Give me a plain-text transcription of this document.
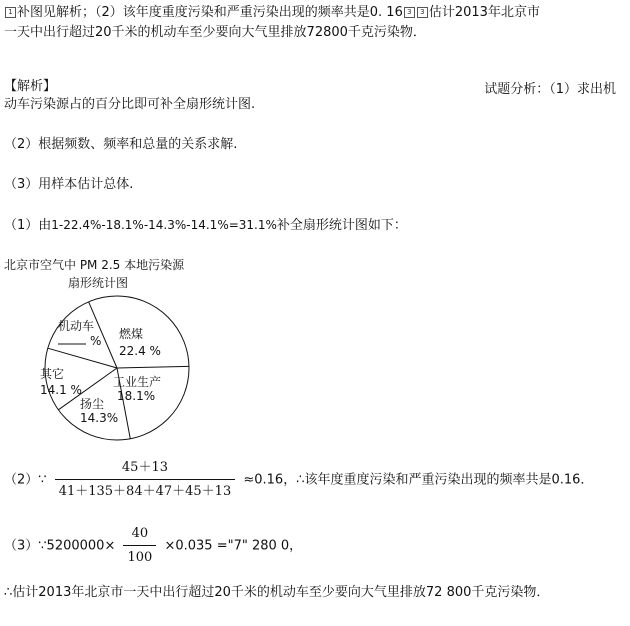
1 补图见解析；（2）该年度重度污染和严重污染出现的频率共是0. 16 3 3 估计2013年北京市
一天中出行超过20千米的机动车至少要向大气里排放72800千克污染物．
【解析】	试题分析：（1）求出机
动车污染源占的百分比即可补全扇形统计图.
（2）根据频数、频率和总量的关系求解.
（3）用样本估计总体.
（1）由1-22.4%-18.1%-14.3%-14.1%=31.1%补全扇形统计图如下：
北京市空气中 PM 2.5 本地污染源
扇形统计图
机动车
% 燃煤
22.4 %
工业生产
18.1%
扬尘
14.3%
其它
14.1 %
（2）∵ $\frac{45+13}{41+135+84+47+45+13} \approx 0.16$，∴该年度重度污染和严重污染出现的频率共是0.16．
（3）∵5200000× $\frac{40}{100} \times 0.035$ ="7" 280 0，
∴估计2013年北京市一天中出行超过20千米的机动车至少要向大气里排放72 800千克污染物．
